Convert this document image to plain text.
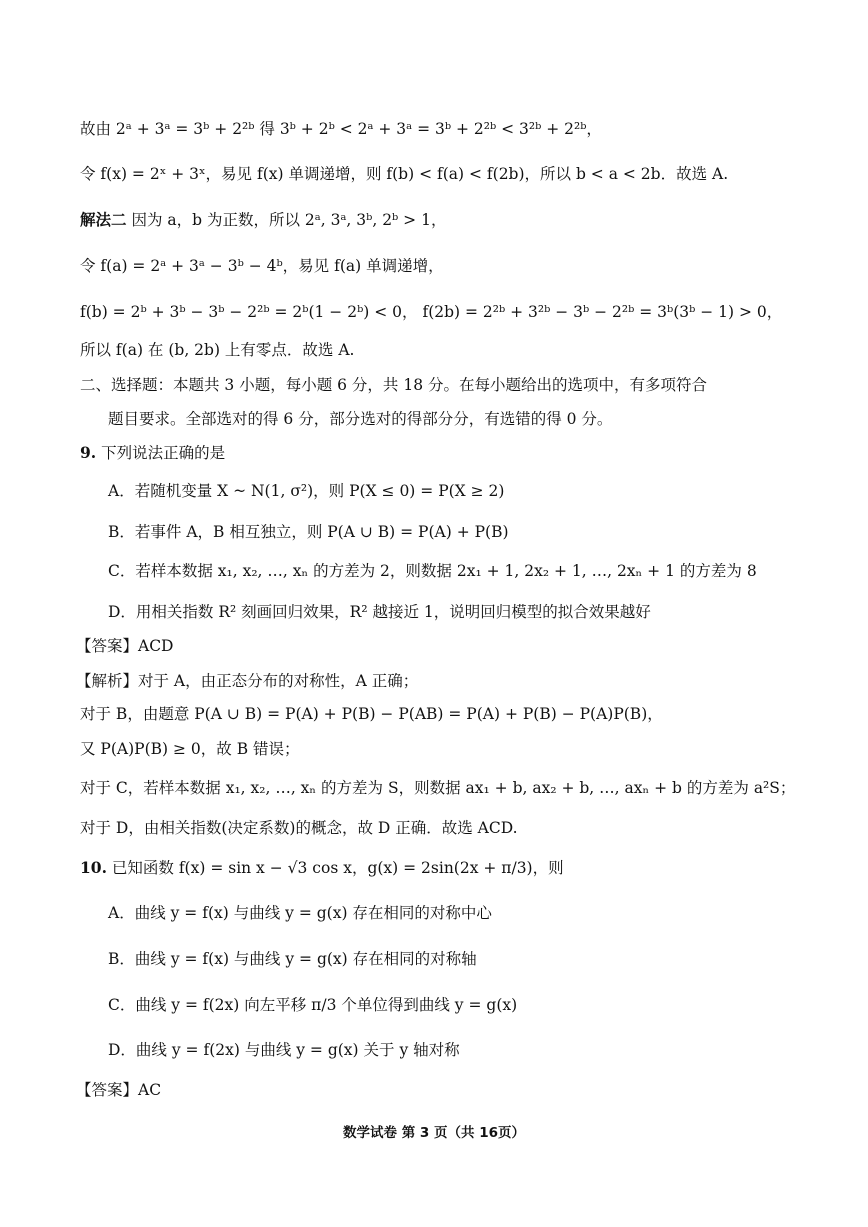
故由 2ᵃ + 3ᵃ = 3ᵇ + 2²ᵇ 得 3ᵇ + 2ᵇ < 2ᵃ + 3ᵃ = 3ᵇ + 2²ᵇ < 3²ᵇ + 2²ᵇ，
令 f(x) = 2ˣ + 3ˣ，易见 f(x) 单调递增，则 f(b) < f(a) < f(2b)，所以 b < a < 2b．故选 A.
解法二 因为 a，b 为正数，所以 2ᵃ, 3ᵃ, 3ᵇ, 2ᵇ > 1，
令 f(a) = 2ᵃ + 3ᵃ − 3ᵇ − 4ᵇ，易见 f(a) 单调递增，
f(b) = 2ᵇ + 3ᵇ − 3ᵇ − 2²ᵇ = 2ᵇ(1 − 2ᵇ) < 0， f(2b) = 2²ᵇ + 3²ᵇ − 3ᵇ − 2²ᵇ = 3ᵇ(3ᵇ − 1) > 0，
所以 f(a) 在 (b, 2b) 上有零点．故选 A.
二、选择题：本题共 3 小题，每小题 6 分，共 18 分。在每小题给出的选项中，有多项符合
题目要求。全部选对的得 6 分，部分选对的得部分分，有选错的得 0 分。
9. 下列说法正确的是
A．若随机变量 X ~ N(1, σ²)，则 P(X ≤ 0) = P(X ≥ 2)
B．若事件 A，B 相互独立，则 P(A ∪ B) = P(A) + P(B)
C．若样本数据 x₁, x₂, …, xₙ 的方差为 2，则数据 2x₁ + 1, 2x₂ + 1, …, 2xₙ + 1 的方差为 8
D．用相关指数 R² 刻画回归效果，R² 越接近 1，说明回归模型的拟合效果越好
【答案】ACD
【解析】对于 A，由正态分布的对称性，A 正确；
对于 B，由题意 P(A ∪ B) = P(A) + P(B) − P(AB) = P(A) + P(B) − P(A)P(B)，
又 P(A)P(B) ≥ 0，故 B 错误；
对于 C，若样本数据 x₁, x₂, …, xₙ 的方差为 S，则数据 ax₁ + b, ax₂ + b, …, axₙ + b 的方差为 a²S；
对于 D，由相关指数(决定系数)的概念，故 D 正确．故选 ACD.
10. 已知函数 f(x) = sin x − √3 cos x，g(x) = 2sin(2x + π/3)，则
A．曲线 y = f(x) 与曲线 y = g(x) 存在相同的对称中心
B．曲线 y = f(x) 与曲线 y = g(x) 存在相同的对称轴
C．曲线 y = f(2x) 向左平移 π/3 个单位得到曲线 y = g(x)
D．曲线 y = f(2x) 与曲线 y = g(x) 关于 y 轴对称
【答案】AC
数学试卷 第 3 页（共 16页）
